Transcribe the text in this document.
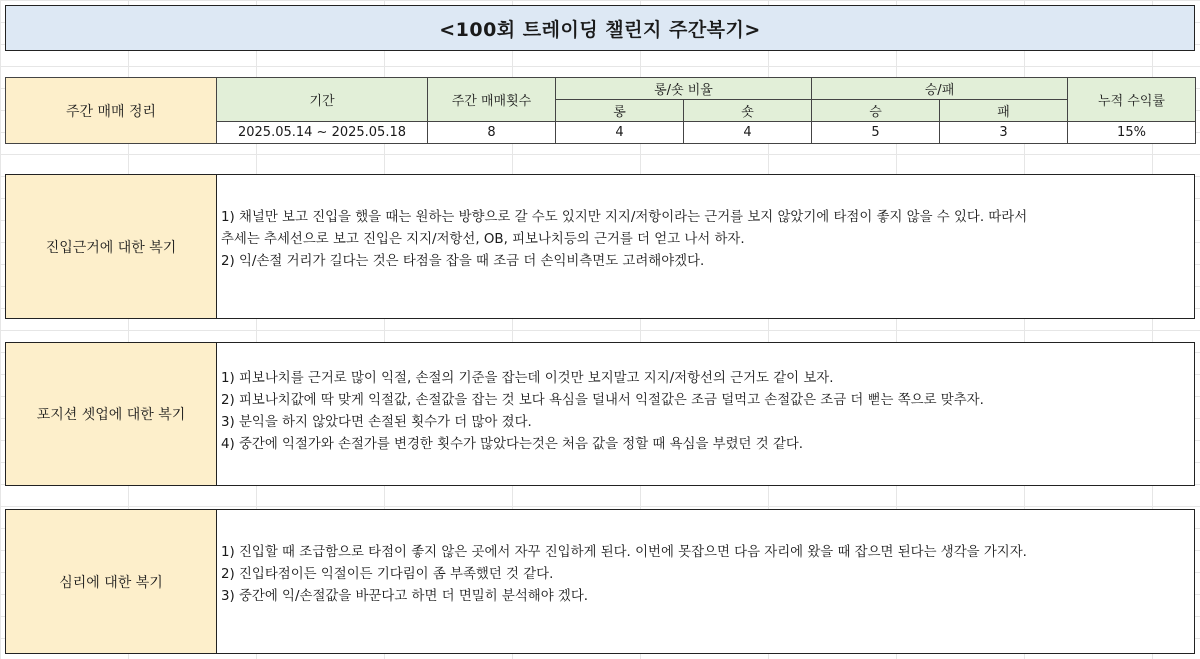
<100회 트레이딩 챌린지 주간복기>
주간 매매 정리	기간	주간 매매횟수	롱/숏 비율		승/패		누적 수익률
			롱	숏	승	패	
	2025.05.14 ~ 2025.05.18	8	4	4	5	3	15%
진입근거에 대한 복기
1) 채널만 보고 진입을 했을 때는 원하는 방향으로 갈 수도 있지만 지지/저항이라는 근거를 보지 않았기에 타점이 좋지 않을 수 있다. 따라서
추세는 추세선으로 보고 진입은 지지/저항선, OB, 피보나치등의 근거를 더 얻고 나서 하자.
2) 익/손절 거리가 길다는 것은 타점을 잡을 때 조금 더 손익비측면도 고려해야겠다.
포지션 셋업에 대한 복기
1) 피보나치를 근거로 많이 익절, 손절의 기준을 잡는데 이것만 보지말고 지지/저항선의 근거도 같이 보자.
2) 피보나치값에 딱 맞게 익절값, 손절값을 잡는 것 보다 욕심을 덜내서 익절값은 조금 덜먹고 손절값은 조금 더 뻗는 쪽으로 맞추자.
3) 분익을 하지 않았다면 손절된 횟수가 더 많아 졌다.
4) 중간에 익절가와 손절가를 변경한 횟수가 많았다는것은 처음 값을 정할 때 욕심을 부렸던 것 같다.
심리에 대한 복기
1) 진입할 때 조급함으로 타점이 좋지 않은 곳에서 자꾸 진입하게 된다. 이번에 못잡으면 다음 자리에 왔을 때 잡으면 된다는 생각을 가지자.
2) 진입타점이든 익절이든 기다림이 좀 부족했던 것 같다.
3) 중간에 익/손절값을 바꾼다고 하면 더 면밀히 분석해야 겠다.
